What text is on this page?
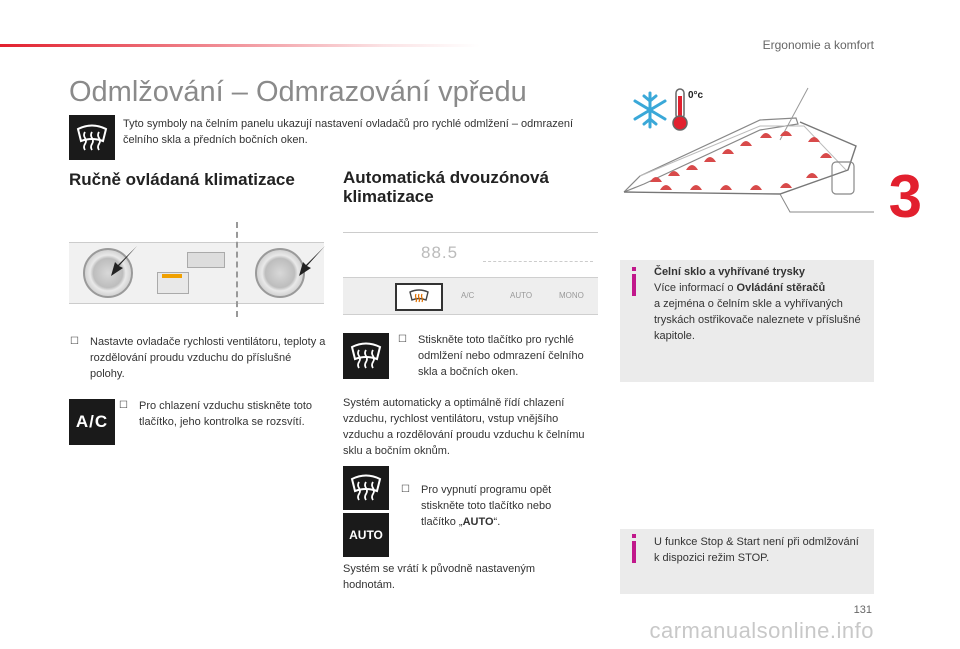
Ergonomie a komfort
Odmlžování – Odmrazování vpředu
Tyto symboly na čelním panelu ukazují nastavení ovladačů pro rychlé odmlžení – odmrazení čelního skla a předních bočních oken.
Ručně ovládaná klimatizace
☐ Nastavte ovladače rychlosti ventilátoru, teploty a rozdělování proudu vzduchu do příslušné polohy.
A/C
☐ Pro chlazení vzduchu stiskněte toto tlačítko, jeho kontrolka se rozsvítí.
Automatická dvouzónová
klimatizace
88.5
A/C	AUTO	MONO
☐ Stiskněte toto tlačítko pro rychlé odmlžení nebo odmrazení čelního skla a bočních oken.
Systém automaticky a optimálně řídí chlazení vzduchu, rychlost ventilátoru, vstup vnějšího vzduchu a rozdělování proudu vzduchu k čelnímu sklu a bočním oknům.
AUTO
☐ Pro vypnutí programu opět stiskněte toto tlačítko nebo tlačítko „AUTO“.
Systém se vrátí k původně nastaveným hodnotám.
0°c
Čelní sklo a vyhřívané trysky
Více informací o Ovládání stěračů
a zejména o čelním skle a vyhřívaných tryskách ostřikovače naleznete v příslušné kapitole.
U funkce Stop & Start není při odmlžování k dispozici režim STOP.
3
131
carmanualsonline.info
